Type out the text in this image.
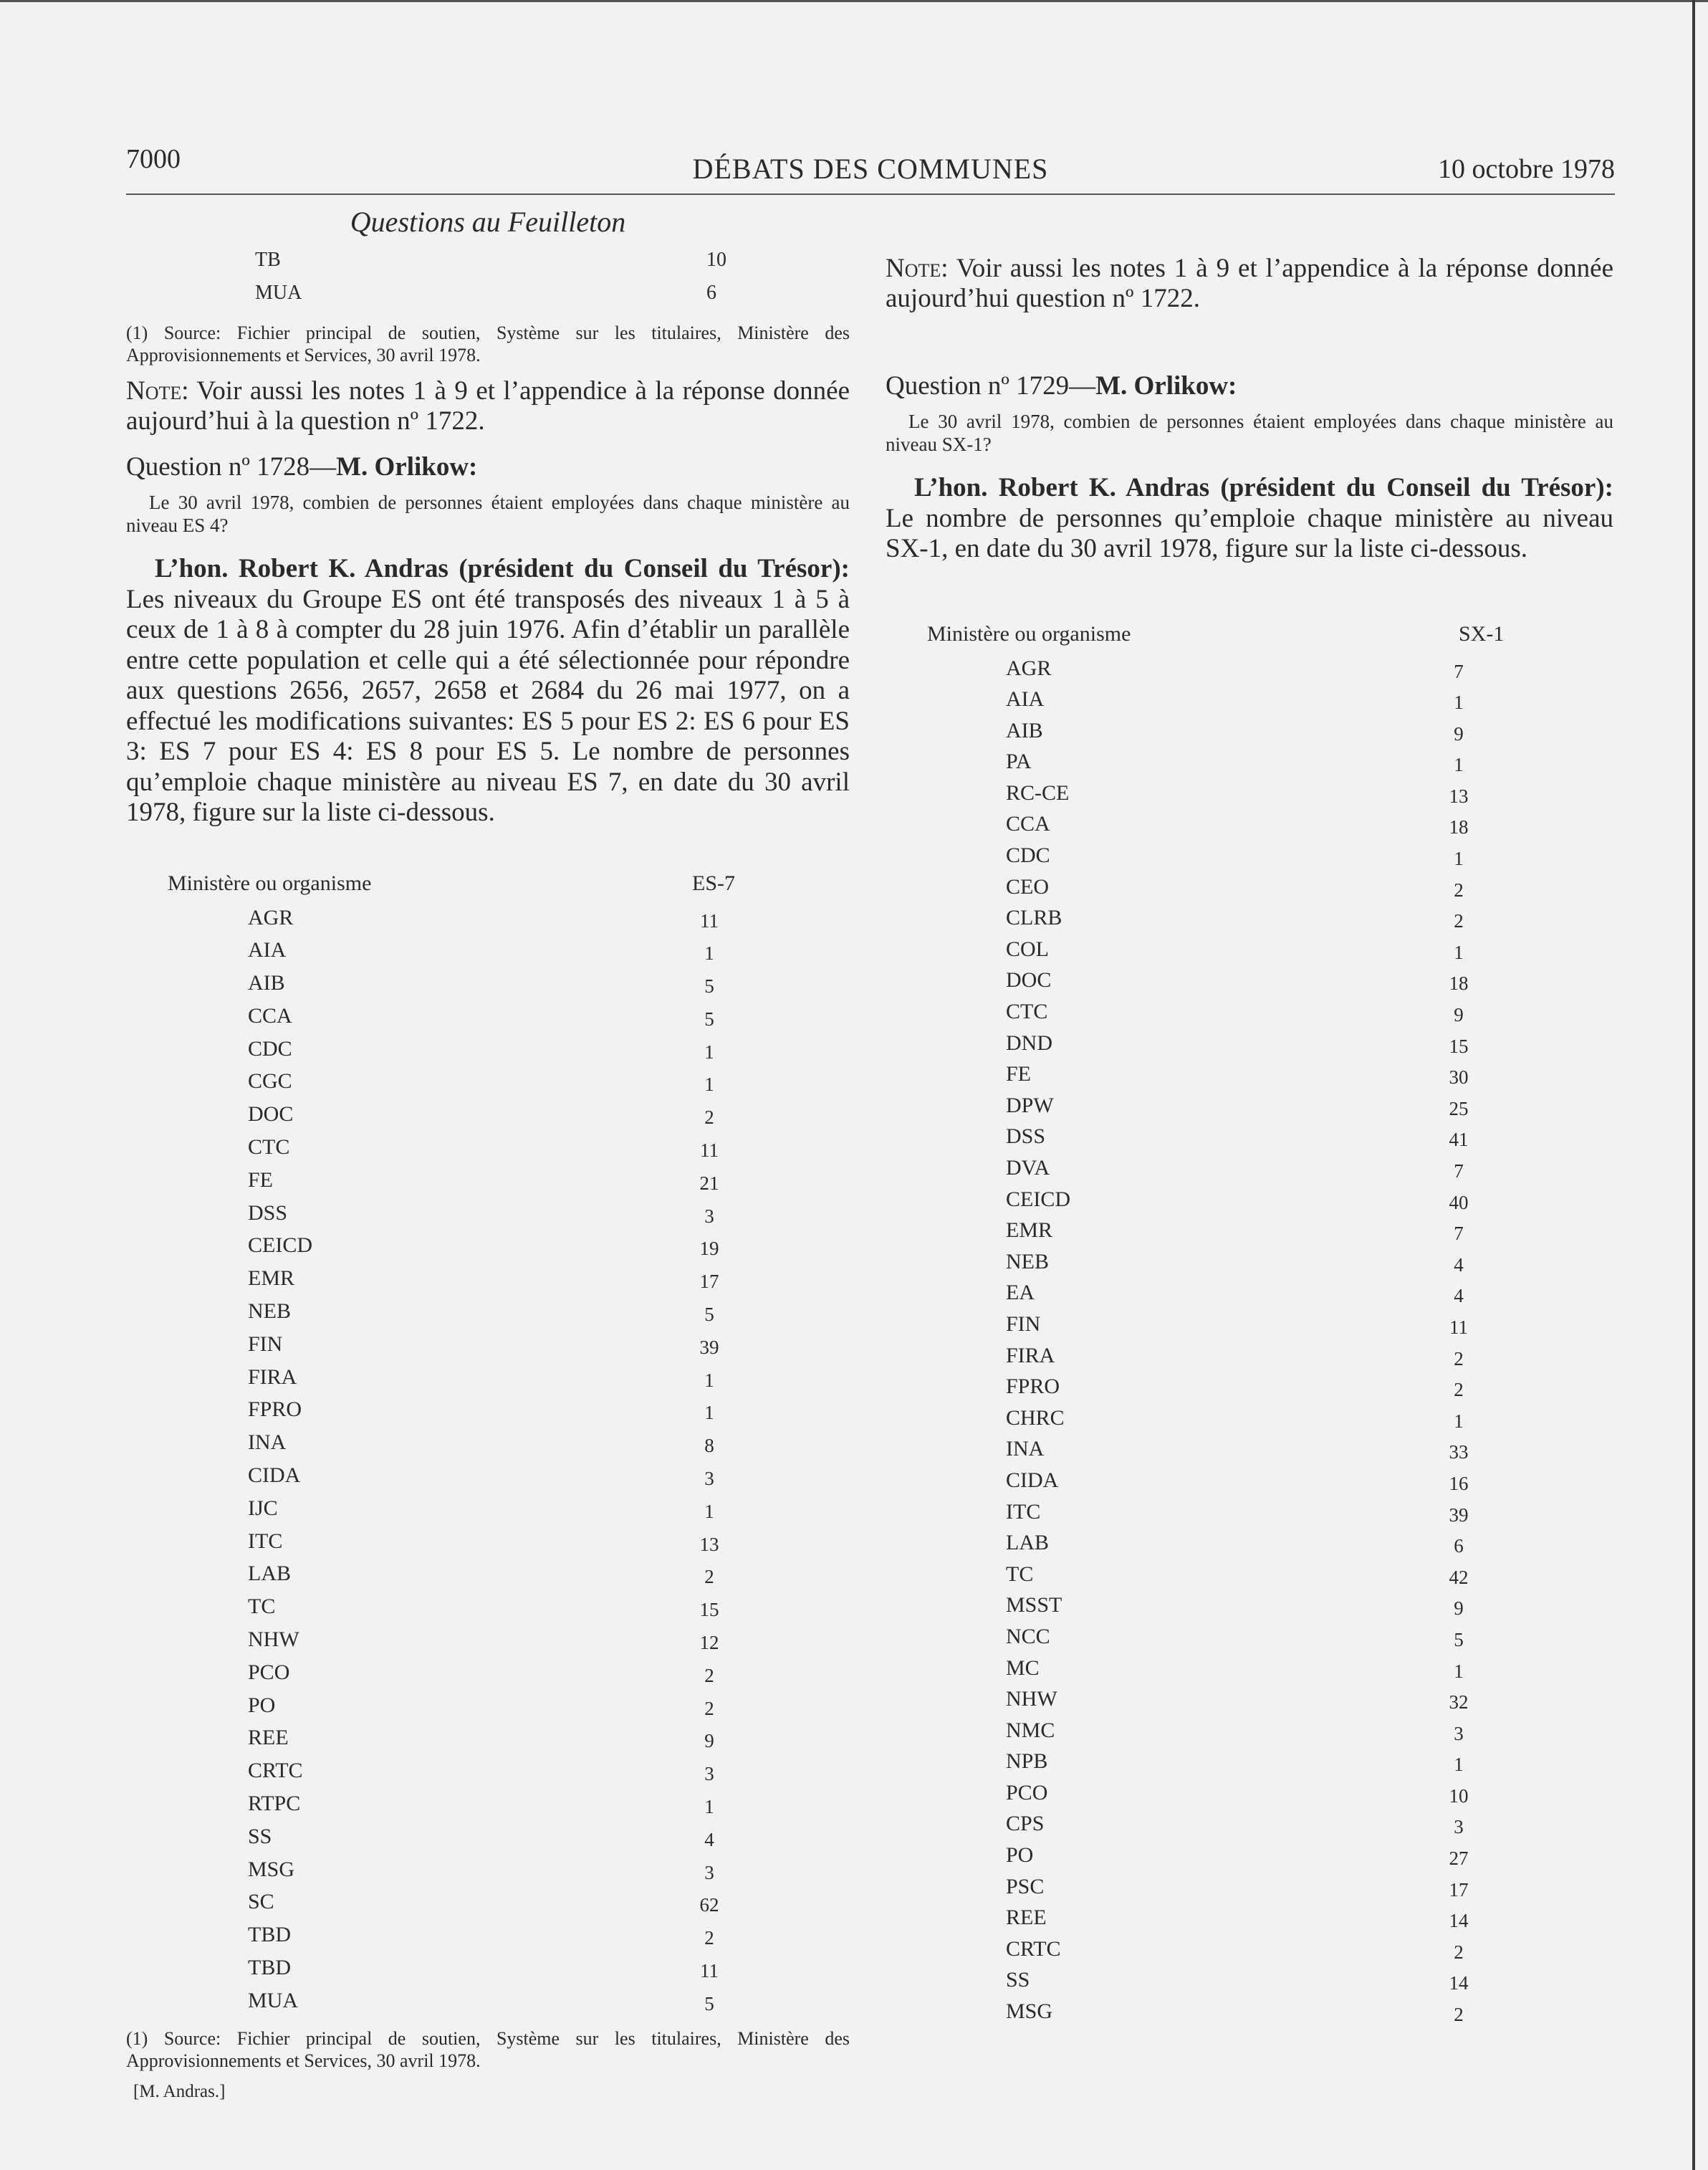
7000	DÉBATS DES COMMUNES	10 octobre 1978
Questions au Feuilleton
TB	10
MUA	6
(1) Source: Fichier principal de soutien, Système sur les titulaires, Ministère des Approvisionnements et Services, 30 avril 1978.
Note: Voir aussi les notes 1 à 9 et l’appendice à la réponse donnée aujourd’hui à la question nº 1722.
Question nº 1728—M. Orlikow:
Le 30 avril 1978, combien de personnes étaient employées dans chaque ministère au niveau ES 4?
L’hon. Robert K. Andras (président du Conseil du Trésor): Les niveaux du Groupe ES ont été transposés des niveaux 1 à 5 à ceux de 1 à 8 à compter du 28 juin 1976. Afin d’établir un parallèle entre cette population et celle qui a été sélectionnée pour répondre aux questions 2656, 2657, 2658 et 2684 du 26 mai 1977, on a effectué les modifications suivantes: ES 5 pour ES 2: ES 6 pour ES 3: ES 7 pour ES 4: ES 8 pour ES 5. Le nombre de personnes qu’emploie chaque ministère au niveau ES 7, en date du 30 avril 1978, figure sur la liste ci-dessous.
Ministère ou organisme	ES-7
AGR	11
AIA	1
AIB	5
CCA	5
CDC	1
CGC	1
DOC	2
CTC	11
FE	21
DSS	3
CEICD	19
EMR	17
NEB	5
FIN	39
FIRA	1
FPRO	1
INA	8
CIDA	3
IJC	1
ITC	13
LAB	2
TC	15
NHW	12
PCO	2
PO	2
REE	9
CRTC	3
RTPC	1
SS	4
MSG	3
SC	62
TBD	2
TBD	11
MUA	5
(1) Source: Fichier principal de soutien, Système sur les titulaires, Ministère des Approvisionnements et Services, 30 avril 1978.
[M. Andras.]
Note: Voir aussi les notes 1 à 9 et l’appendice à la réponse donnée aujourd’hui question nº 1722.
Question nº 1729—M. Orlikow:
Le 30 avril 1978, combien de personnes étaient employées dans chaque ministère au niveau SX-1?
L’hon. Robert K. Andras (président du Conseil du Trésor): Le nombre de personnes qu’emploie chaque ministère au niveau SX-1, en date du 30 avril 1978, figure sur la liste ci-dessous.
Ministère ou organisme	SX-1
AGR	7
AIA	1
AIB	9
PA	1
RC-CE	13
CCA	18
CDC	1
CEO	2
CLRB	2
COL	1
DOC	18
CTC	9
DND	15
FE	30
DPW	25
DSS	41
DVA	7
CEICD	40
EMR	7
NEB	4
EA	4
FIN	11
FIRA	2
FPRO	2
CHRC	1
INA	33
CIDA	16
ITC	39
LAB	6
TC	42
MSST	9
NCC	5
MC	1
NHW	32
NMC	3
NPB	1
PCO	10
CPS	3
PO	27
PSC	17
REE	14
CRTC	2
SS	14
MSG	2
